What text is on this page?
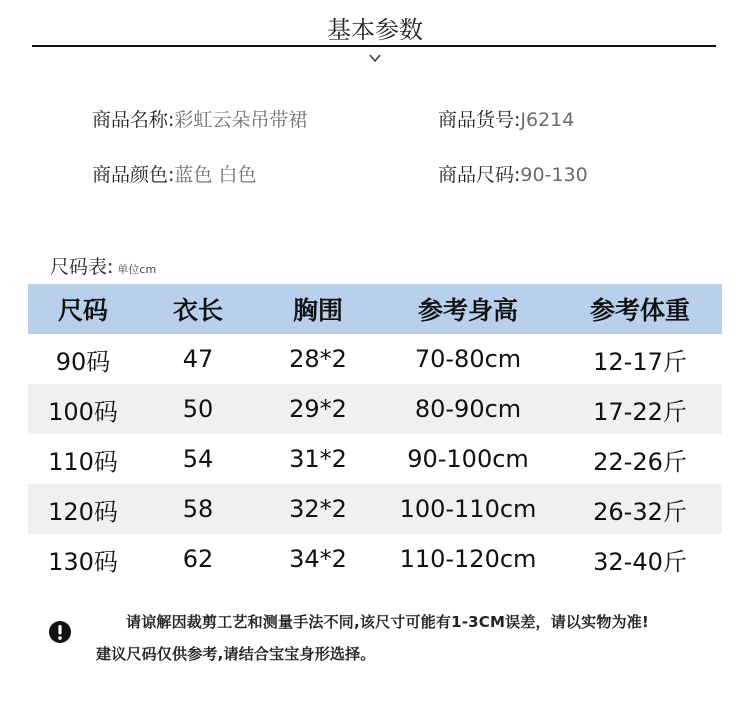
基本参数
商品名称:彩虹云朵吊带裙	商品货号:J6214
商品颜色:蓝色 白色	商品尺码:90-130
尺码表: 单位cm
尺码	衣长	胸围	参考身高	参考体重
90码	47	28*2	70-80cm	12-17斤
100码	50	29*2	80-90cm	17-22斤
110码	54	31*2	90-100cm	22-26斤
120码	58	32*2	100-110cm	26-32斤
130码	62	34*2	110-120cm	32-40斤
请谅解因裁剪工艺和测量手法不同,该尺寸可能有1-3CM误差，请以实物为准!
建议尺码仅供参考,请结合宝宝身形选择。
